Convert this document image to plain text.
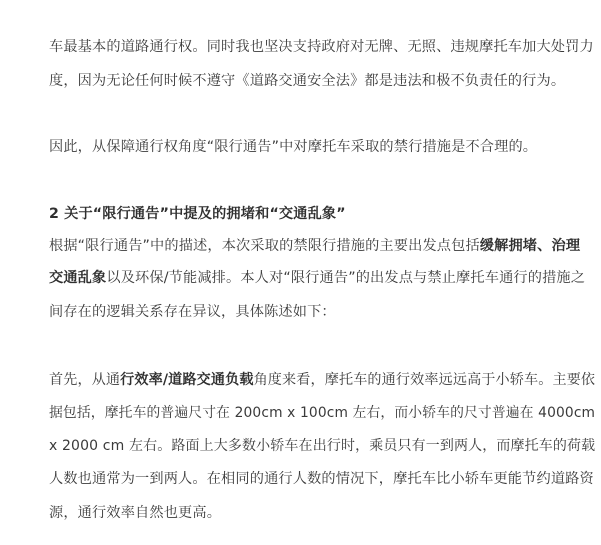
车最基本的道路通行权。同时我也坚决支持政府对无牌、无照、违规摩托车加大处罚力
度，因为无论任何时候不遵守《道路交通安全法》都是违法和极不负责任的行为。
因此，从保障通行权角度“限行通告”中对摩托车采取的禁行措施是不合理的。
2 关于“限行通告”中提及的拥堵和“交通乱象”
根据“限行通告”中的描述，本次采取的禁限行措施的主要出发点包括缓解拥堵、治理
交通乱象以及环保/节能减排。本人对“限行通告”的出发点与禁止摩托车通行的措施之
间存在的逻辑关系存在异议，具体陈述如下：
首先，从通行效率/道路交通负载角度来看，摩托车的通行效率远远高于小轿车。主要依
据包括，摩托车的普遍尺寸在 200cm x 100cm 左右，而小轿车的尺寸普遍在 4000cm
x 2000 cm 左右。路面上大多数小轿车在出行时，乘员只有一到两人，而摩托车的荷载
人数也通常为一到两人。在相同的通行人数的情况下，摩托车比小轿车更能节约道路资
源，通行效率自然也更高。
